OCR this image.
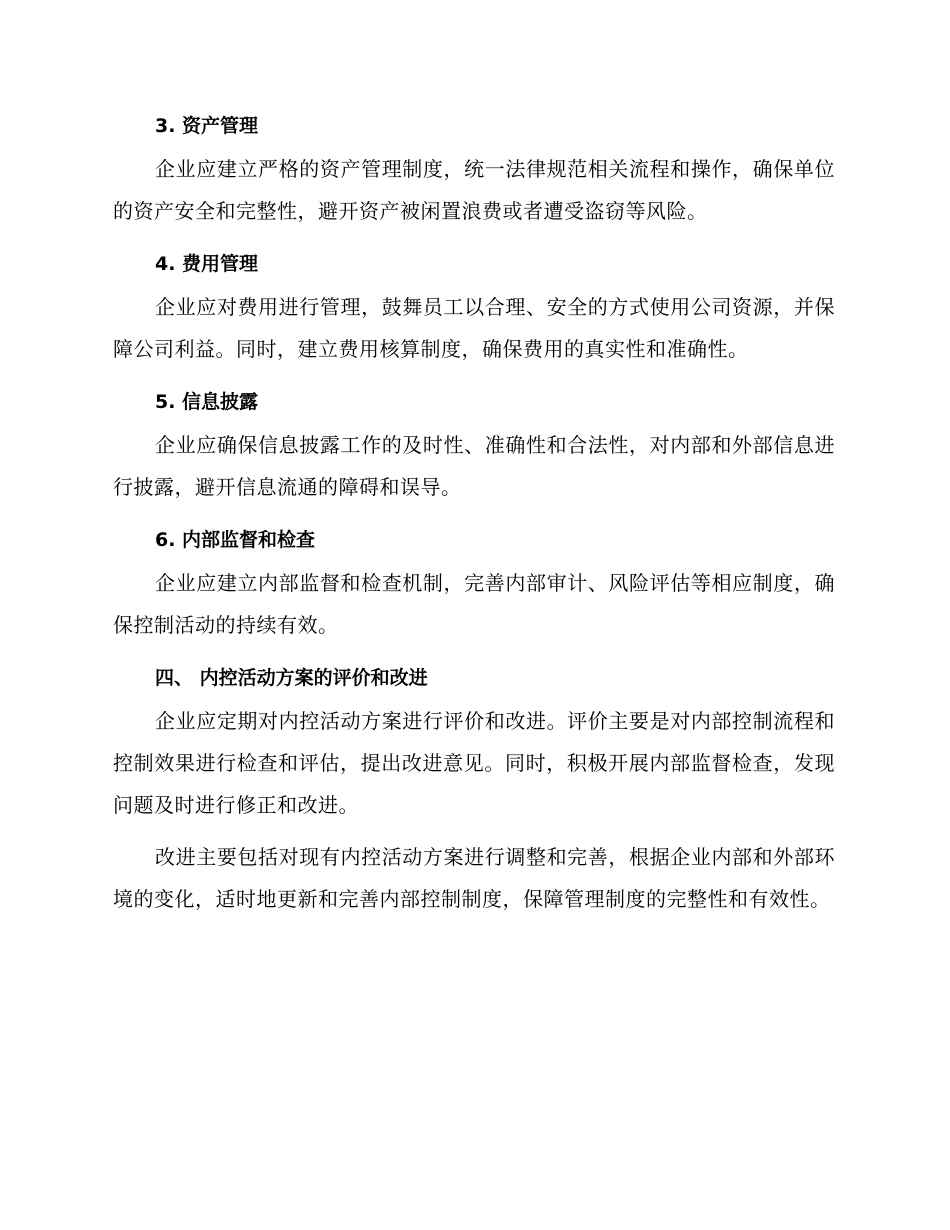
3. 资产管理

企业应建立严格的资产管理制度，统一法律规范相关流程和操作，确保单位的资产安全和完整性，避开资产被闲置浪费或者遭受盗窃等风险。

4. 费用管理

企业应对费用进行管理，鼓舞员工以合理、安全的方式使用公司资源，并保障公司利益。同时，建立费用核算制度，确保费用的真实性和准确性。

5. 信息披露

企业应确保信息披露工作的及时性、准确性和合法性，对内部和外部信息进行披露，避开信息流通的障碍和误导。

6. 内部监督和检查

企业应建立内部监督和检查机制，完善内部审计、风险评估等相应制度，确保控制活动的持续有效。

四、 内控活动方案的评价和改进

企业应定期对内控活动方案进行评价和改进。评价主要是对内部控制流程和控制效果进行检查和评估，提出改进意见。同时，积极开展内部监督检查，发现问题及时进行修正和改进。

改进主要包括对现有内控活动方案进行调整和完善，根据企业内部和外部环境的变化，适时地更新和完善内部控制制度，保障管理制度的完整性和有效性。
